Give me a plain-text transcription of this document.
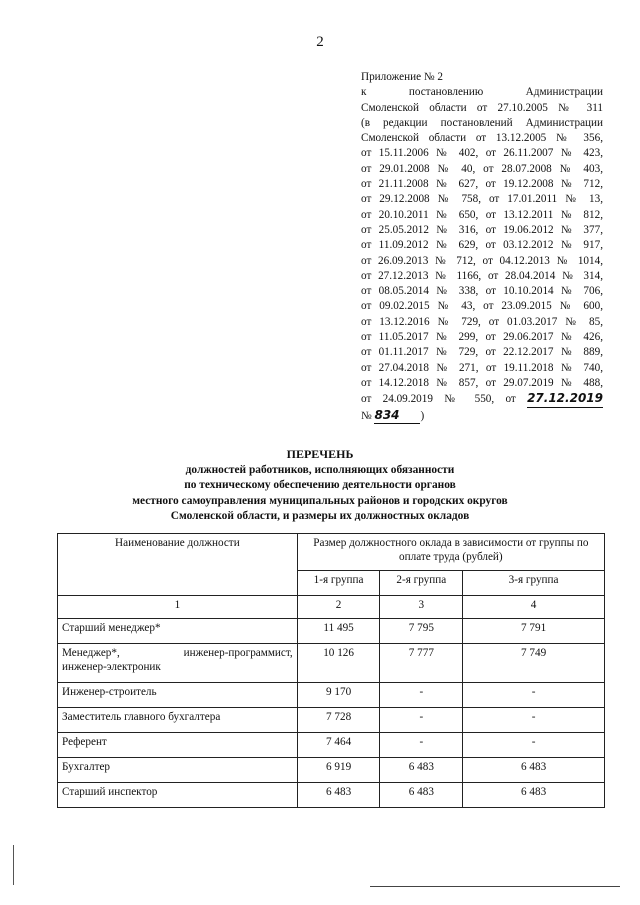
2
Приложение № 2
к постановлению Администрации
Смоленской области от 27.10.2005 № 311
(в редакции постановлений Администрации
Смоленской области от 13.12.2005 № 356,
от 15.11.2006 № 402, от 26.11.2007 № 423,
от 29.01.2008 № 40, от 28.07.2008 № 403,
от 21.11.2008 № 627, от 19.12.2008 № 712,
от 29.12.2008 № 758, от 17.01.2011 № 13,
от 20.10.2011 № 650, от 13.12.2011 № 812,
от 25.05.2012 № 316, от 19.06.2012 № 377,
от 11.09.2012 № 629, от 03.12.2012 № 917,
от 26.09.2013 № 712, от 04.12.2013 № 1014,
от 27.12.2013 № 1166, от 28.04.2014 № 314,
от 08.05.2014 № 338, от 10.10.2014 № 706,
от 09.02.2015 № 43, от 23.09.2015 № 600,
от 13.12.2016 № 729, от 01.03.2017 № 85,
от 11.05.2017 № 299, от 29.06.2017 № 426,
от 01.11.2017 № 729, от 22.12.2017 № 889,
от 27.04.2018 № 271, от 19.11.2018 № 740,
от 14.12.2018 № 857, от 29.07.2019 № 488,
от 24.09.2019 № 550, от 27.12.2019
№ 834 )
ПЕРЕЧЕНЬ
должностей работников, исполняющих обязанности
по техническому обеспечению деятельности органов
местного самоуправления муниципальных районов и городских округов
Смоленской области, и размеры их должностных окладов
Наименование должности	Размер должностного оклада в зависимости от группы по оплате труда (рублей)		
	1-я группа	2-я группа	3-я группа
1	2	3	4
Старший менеджер*	11 495	7 795	7 791

Менеджер*, инженер-программист,
инженер-электроник	10 126	7 777	7 749
Инженер-строитель	9 170	-	-
Заместитель главного бухгалтера	7 728	-	-
Референт	7 464	-	-
Бухгалтер	6 919	6 483	6 483
Старший инспектор	6 483	6 483	6 483
